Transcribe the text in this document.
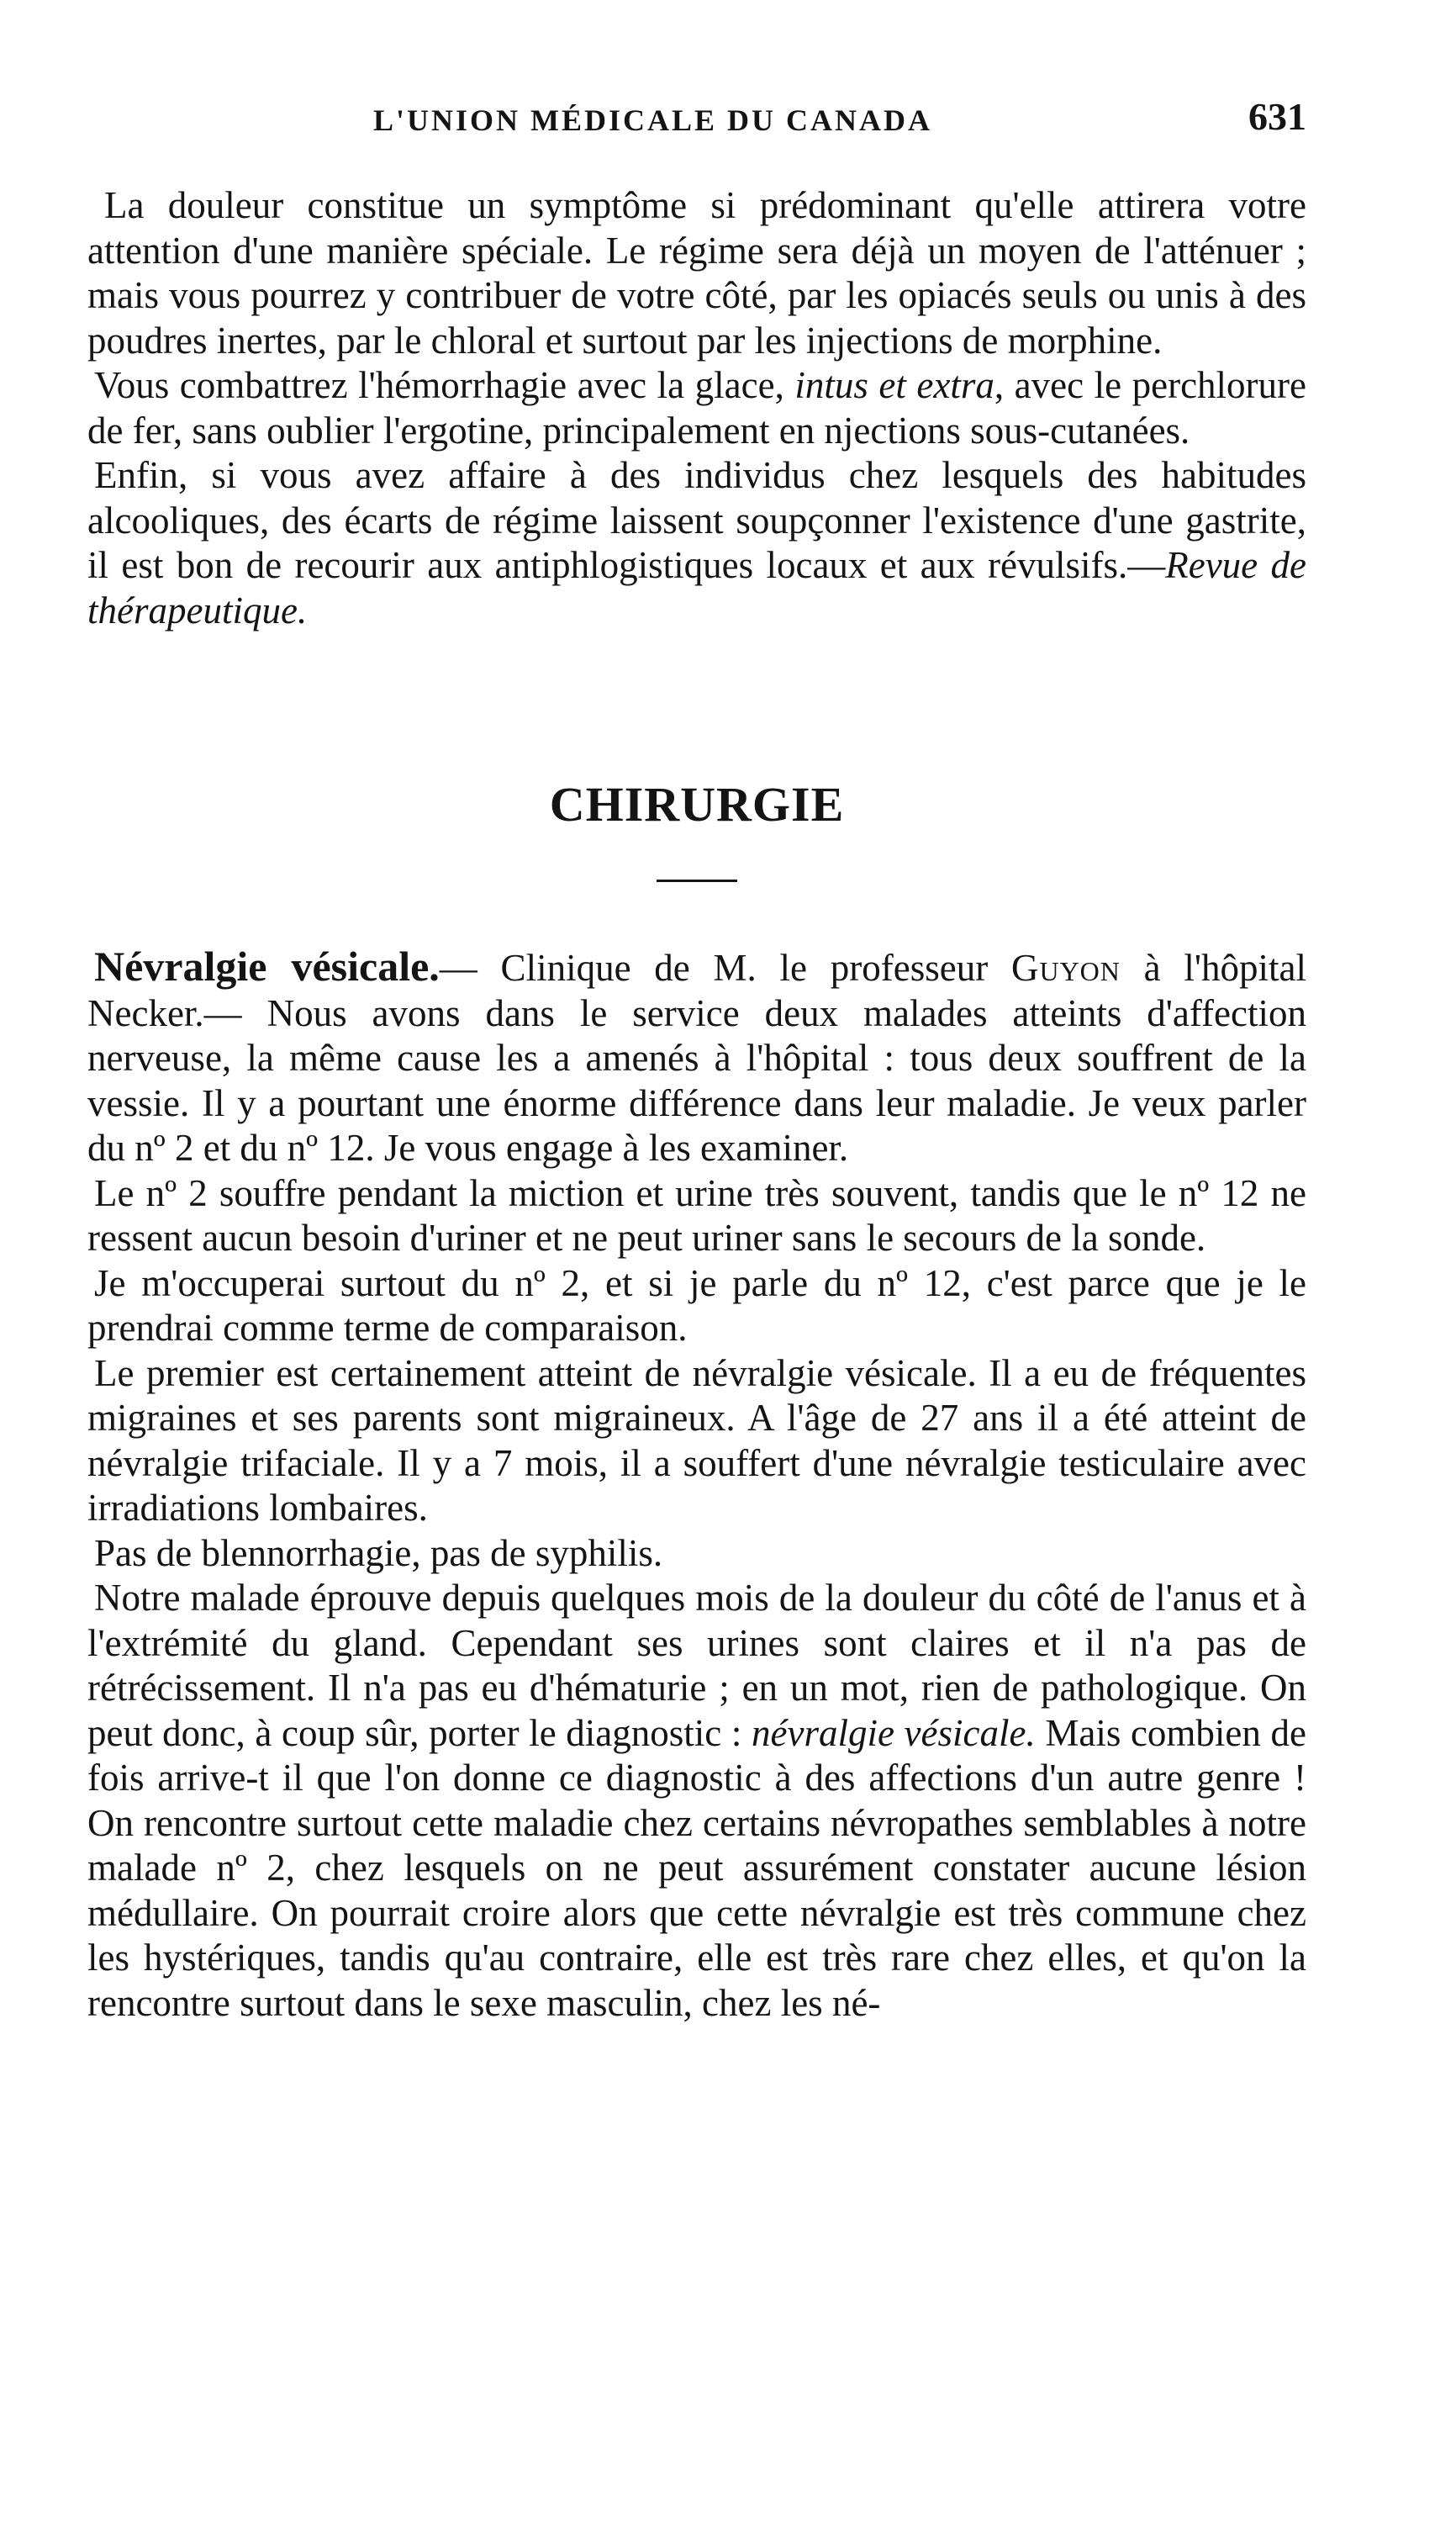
L'UNION MÉDICALE DU CANADA	631

La douleur constitue un symptôme si prédominant qu'elle attirera votre attention d'une manière spéciale. Le régime sera déjà un moyen de l'atténuer ; mais vous pourrez y contribuer de votre côté, par les opiacés seuls ou unis à des poudres inertes, par le chloral et surtout par les injections de morphine.

Vous combattrez l'hémorrhagie avec la glace, intus et extra, avec le perchlorure de fer, sans oublier l'ergotine, principalement en njections sous-cutanées.

Enfin, si vous avez affaire à des individus chez lesquels des habitudes alcooliques, des écarts de régime laissent soupçonner l'existence d'une gastrite, il est bon de recourir aux antiphlogistiques locaux et aux révulsifs.—Revue de thérapeutique.

CHIRURGIE

Névralgie vésicale.— Clinique de M. le professeur Guyon à l'hôpital Necker.— Nous avons dans le service deux malades atteints d'affection nerveuse, la même cause les a amenés à l'hôpital : tous deux souffrent de la vessie. Il y a pourtant une énorme différence dans leur maladie. Je veux parler du nº 2 et du nº 12. Je vous engage à les examiner.

Le nº 2 souffre pendant la miction et urine très souvent, tandis que le nº 12 ne ressent aucun besoin d'uriner et ne peut uriner sans le secours de la sonde.

Je m'occuperai surtout du nº 2, et si je parle du nº 12, c'est parce que je le prendrai comme terme de comparaison.

Le premier est certainement atteint de névralgie vésicale. Il a eu de fréquentes migraines et ses parents sont migraineux. A l'âge de 27 ans il a été atteint de névralgie trifaciale. Il y a 7 mois, il a souffert d'une névralgie testiculaire avec irradiations lombaires.

Pas de blennorrhagie, pas de syphilis.

Notre malade éprouve depuis quelques mois de la douleur du côté de l'anus et à l'extrémité du gland. Cependant ses urines sont claires et il n'a pas de rétrécissement. Il n'a pas eu d'hématurie ; en un mot, rien de pathologique. On peut donc, à coup sûr, porter le diagnostic : névralgie vésicale. Mais combien de fois arrive-t il que l'on donne ce diagnostic à des affections d'un autre genre ! On rencontre surtout cette maladie chez certains névropathes semblables à notre malade nº 2, chez lesquels on ne peut assurément constater aucune lésion médullaire. On pourrait croire alors que cette névralgie est très commune chez les hystériques, tandis qu'au contraire, elle est très rare chez elles, et qu'on la rencontre surtout dans le sexe masculin, chez les né-
